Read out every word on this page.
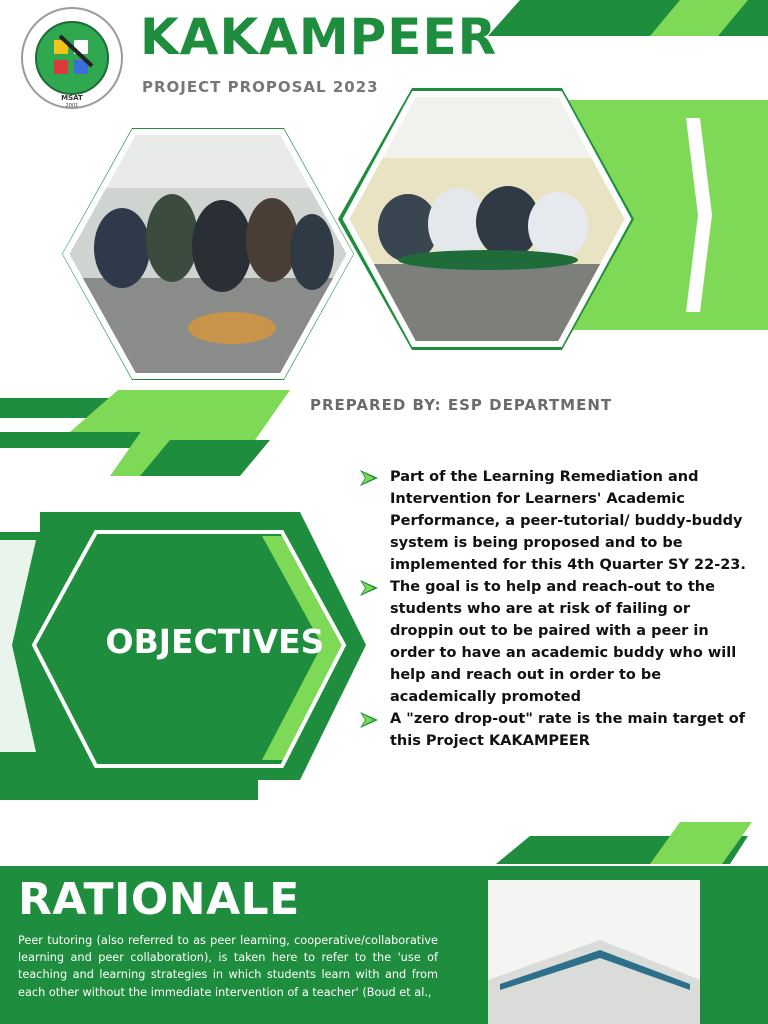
MSAT
2001
KAKAMPEER
PROJECT PROPOSAL 2023
PREPARED BY: ESP DEPARTMENT
OBJECTIVES
Part of the Learning Remediation and Intervention for Learners' Academic Performance, a peer-tutorial/ buddy-buddy system is being proposed and to be implemented for this 4th Quarter SY 22-23.
The goal is to help and reach-out to the students who are at risk of failing or droppin out to be paired with a peer in order to have an academic buddy who will help and reach out in order to be academically promoted
A "zero drop-out" rate is the main target of this Project KAKAMPEER
RATIONALE
Peer tutoring (also referred to as peer learning, cooperative/collaborative learning and peer collaboration), is taken here to refer to the 'use of teaching and learning strategies in which students learn with and from each other without the immediate intervention of a teacher' (Boud et al.,
